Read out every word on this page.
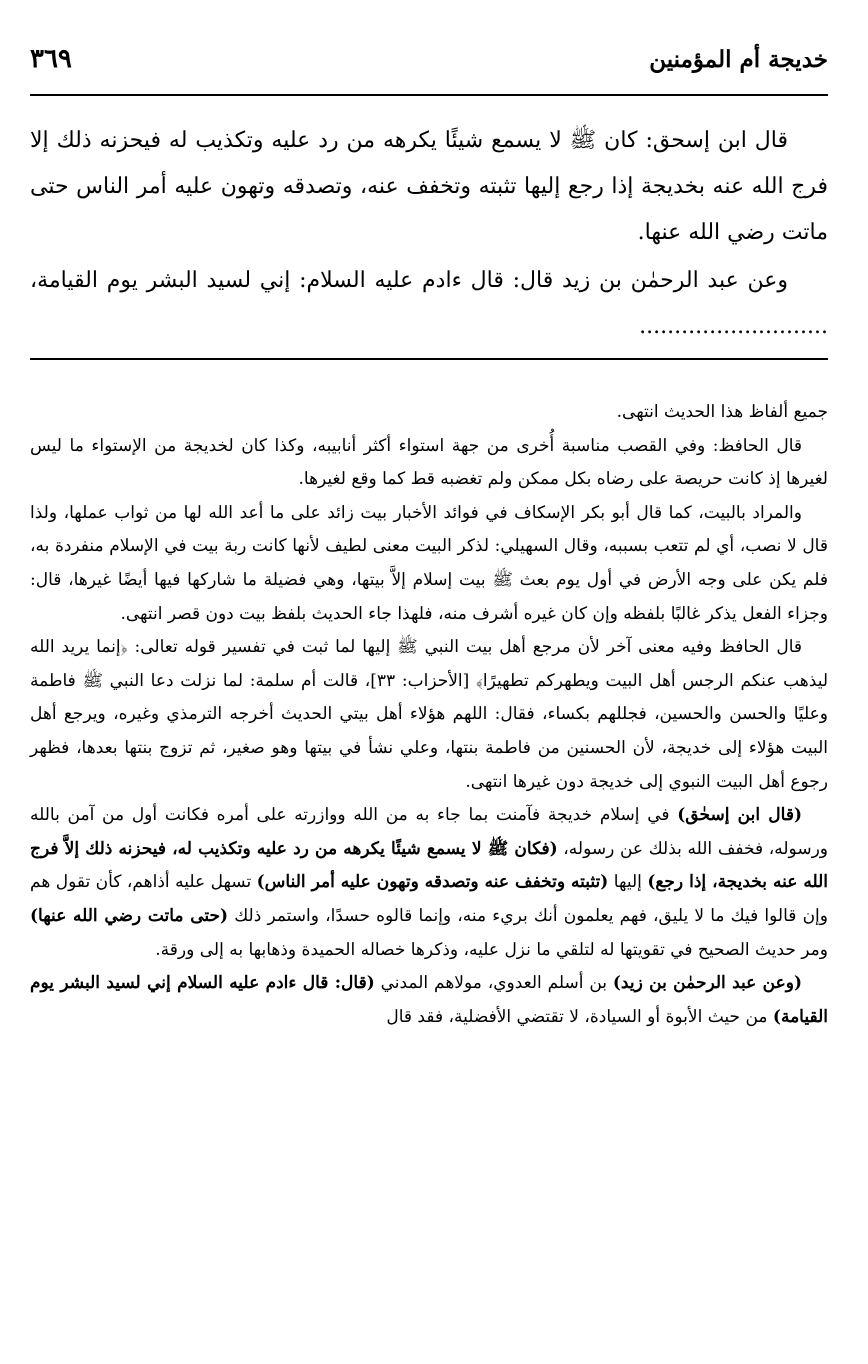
خديجة أم المؤمنين
٣٦٩

قال ابن إسحق: كان ﷺ لا يسمع شيئًا يكرهه من رد عليه وتكذيب له فيحزنه ذلك إلا فرج الله عنه بخديجة إذا رجع إليها تثبته وتخفف عنه، وتصدقه وتهون عليه أمر الناس حتى ماتت رضي الله عنها.

وعن عبد الرحمٰن بن زيد قال: قال ءادم عليه السلام: إني لسيد البشر يوم القيامة، ...........................

جميع ألفاظ هذا الحديث انتهى.

قال الحافظ: وفي القصب مناسبة أُخرى من جهة استواء أكثر أنابيبه، وكذا كان لخديجة من الإستواء ما ليس لغيرها إذ كانت حريصة على رضاه بكل ممكن ولم تغضبه قط كما وقع لغيرها.

والمراد بالبيت، كما قال أبو بكر الإسكاف في فوائد الأخبار بيت زائد على ما أعد الله لها من ثواب عملها، ولذا قال لا نصب، أي لم تتعب بسببه، وقال السهيلي: لذكر البيت معنى لطيف لأنها كانت ربة بيت في الإسلام منفردة به، فلم يكن على وجه الأرض في أول يوم بعث ﷺ بيت إسلام إلاَّ بيتها، وهي فضيلة ما شاركها فيها أيضًا غيرها، قال: وجزاء الفعل يذكر غالبًا بلفظه وإن كان غيره أشرف منه، فلهذا جاء الحديث بلفظ بيت دون قصر انتهى.

قال الحافظ وفيه معنى آخر لأن مرجع أهل بيت النبي ﷺ إليها لما ثبت في تفسير قوله تعالى: ﴿إنما يريد الله ليذهب عنكم الرجس أهل البيت ويطهركم تطهيرًا﴾ [الأحزاب: ٣٣]، قالت أم سلمة: لما نزلت دعا النبي ﷺ فاطمة وعليًا والحسن والحسين، فجللهم بكساء، فقال: اللهم هؤلاء أهل بيتي الحديث أخرجه الترمذي وغيره، ويرجع أهل البيت هؤلاء إلى خديجة، لأن الحسنين من فاطمة بنتها، وعلي نشأ في بيتها وهو صغير، ثم تزوج بنتها بعدها، فظهر رجوع أهل البيت النبوي إلى خديجة دون غيرها انتهى.

(قال ابن إسحٰق) في إسلام خديجة فآمنت بما جاء به من الله ووازرته على أمره فكانت أول من آمن بالله ورسوله، فخفف الله بذلك عن رسوله، (فكان ﷺ لا يسمع شيئًا يكرهه من رد عليه وتكذيب له، فيحزنه ذلك إلاَّ فرج الله عنه بخديجة، إذا رجع) إليها (تثبته وتخفف عنه وتصدقه وتهون عليه أمر الناس) تسهل عليه أذاهم، كأن تقول هم وإن قالوا فيك ما لا يليق، فهم يعلمون أنك بريء منه، وإنما قالوه حسدًا، واستمر ذلك (حتى ماتت رضي الله عنها) ومر حديث الصحيح في تقويتها له لتلقي ما نزل عليه، وذكرها خصاله الحميدة وذهابها به إلى ورقة.

(وعن عبد الرحمٰن بن زيد) بن أسلم العدوي، مولاهم المدني (قال: قال ءادم عليه السلام إني لسيد البشر يوم القيامة) من حيث الأبوة أو السيادة، لا تقتضي الأفضلية، فقد قال
